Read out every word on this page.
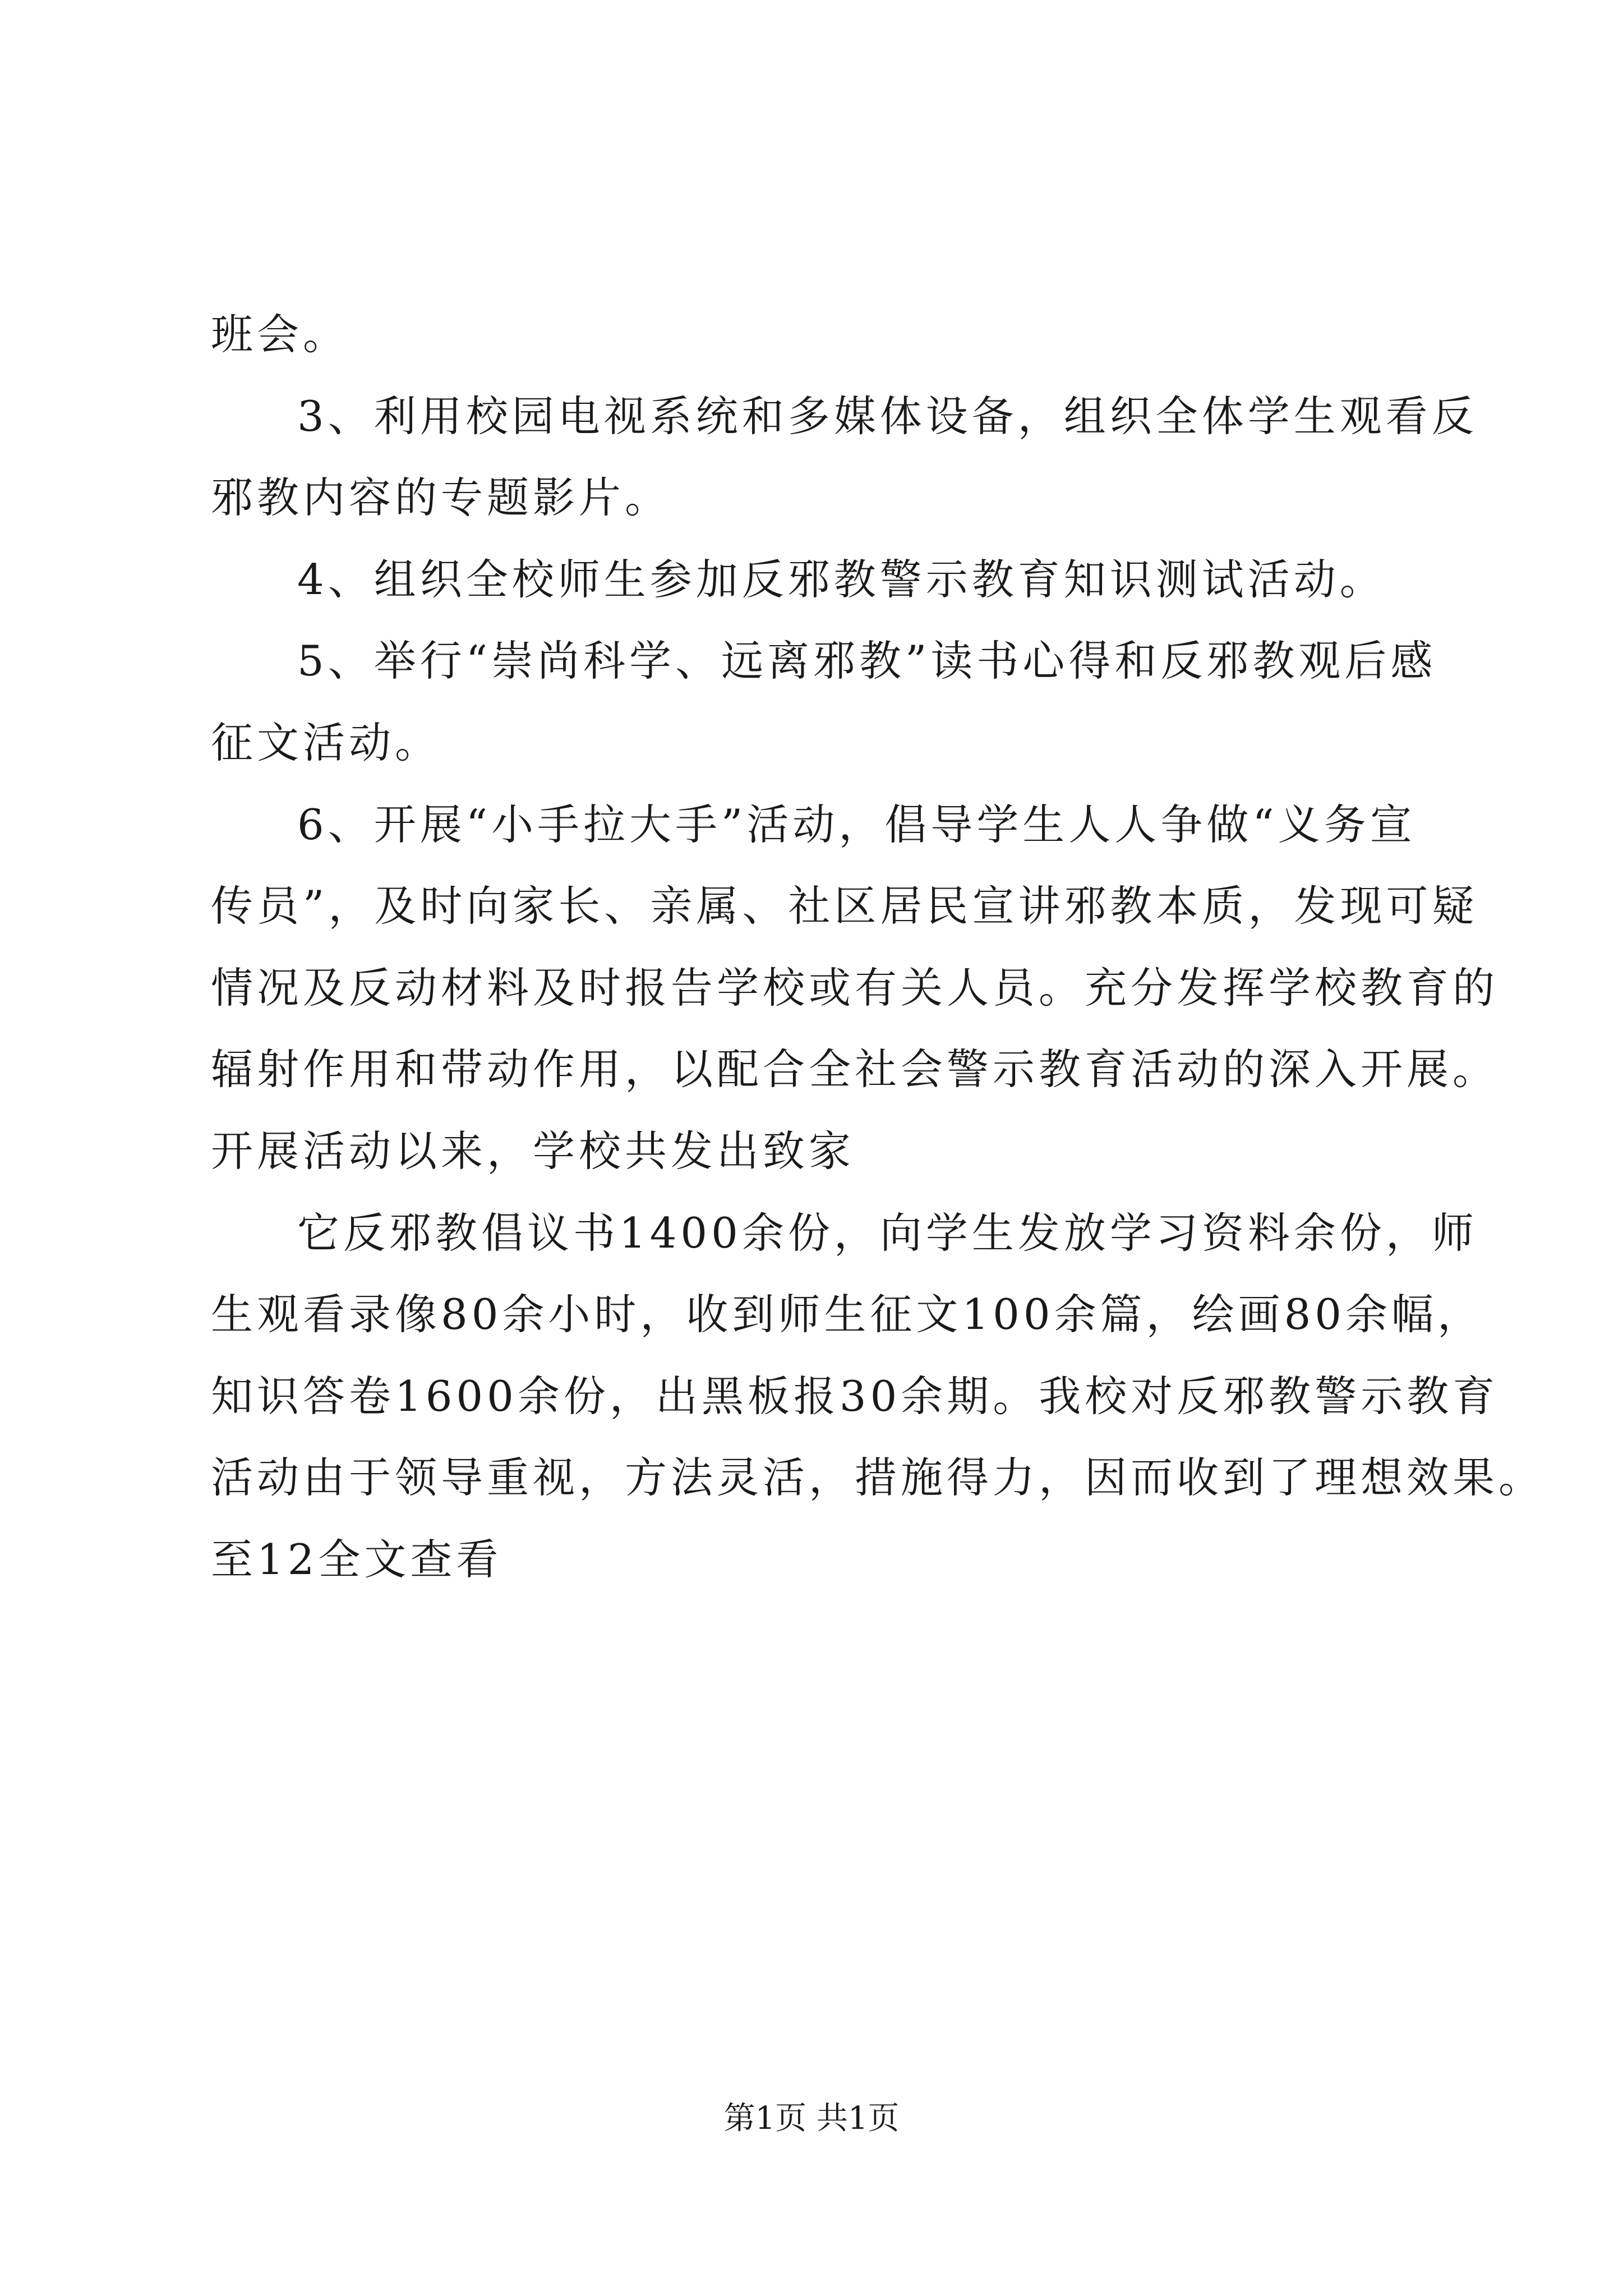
班会。
3、利用校园电视系统和多媒体设备，组织全体学生观看反
邪教内容的专题影片。
4、组织全校师生参加反邪教警示教育知识测试活动。
5、举行“崇尚科学、远离邪教”读书心得和反邪教观后感
征文活动。
6、开展“小手拉大手”活动，倡导学生人人争做“义务宣
传员”，及时向家长、亲属、社区居民宣讲邪教本质，发现可疑
情况及反动材料及时报告学校或有关人员。充分发挥学校教育的
辐射作用和带动作用，以配合全社会警示教育活动的深入开展。
开展活动以来，学校共发出致家
它反邪教倡议书1400余份，向学生发放学习资料余份，师
生观看录像80余小时，收到师生征文100余篇，绘画80余幅，
知识答卷1600余份，出黑板报30余期。我校对反邪教警示教育
活动由于领导重视，方法灵活，措施得力，因而收到了理想效果。
至12全文查看
第1页 共1页
